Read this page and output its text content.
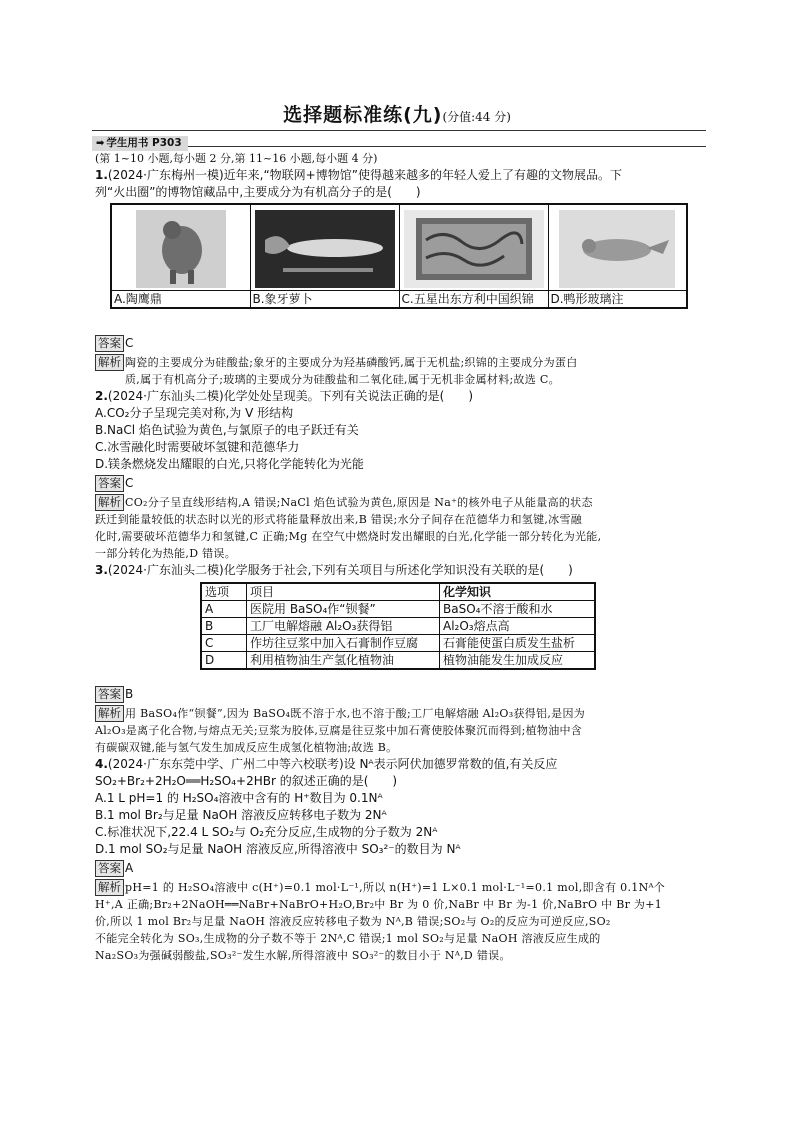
选择题标准练(九)(分值:44 分)
➡ 学生用书 P303
(第 1~10 小题,每小题 2 分,第 11~16 小题,每小题 4 分)
1.(2024·广东梅州一模)近年来,“物联网+博物馆”使得越来越多的年轻人爱上了有趣的文物展品。下
列“火出圈”的博物馆藏品中,主要成分为有机高分子的是(　　)
A.陶鹰鼎	B.象牙萝卜	C.五星出东方利中国织锦	D.鸭形玻璃注
答案 C
解析 陶瓷的主要成分为硅酸盐;象牙的主要成分为羟基磷酸钙,属于无机盐;织锦的主要成分为蛋白
质,属于有机高分子;玻璃的主要成分为硅酸盐和二氧化硅,属于无机非金属材料;故选 C。
2.(2024·广东汕头二模)化学处处呈现美。下列有关说法正确的是(　　)
A.CO₂分子呈现完美对称,为 V 形结构
B.NaCl 焰色试验为黄色,与氯原子的电子跃迁有关
C.冰雪融化时需要破坏氢键和范德华力
D.镁条燃烧发出耀眼的白光,只将化学能转化为光能
答案 C
解析 CO₂分子呈直线形结构,A 错误;NaCl 焰色试验为黄色,原因是 Na⁺的核外电子从能量高的状态
跃迁到能量较低的状态时以光的形式将能量释放出来,B 错误;水分子间存在范德华力和氢键,冰雪融
化时,需要破坏范德华力和氢键,C 正确;Mg 在空气中燃烧时发出耀眼的白光,化学能一部分转化为光能,
一部分转化为热能,D 错误。
3.(2024·广东汕头二模)化学服务于社会,下列有关项目与所述化学知识没有关联的是(　　)
选项	项目	化学知识
A	医院用 BaSO₄作“钡餐”	BaSO₄不溶于酸和水
B	工厂电解熔融 Al₂O₃获得铝	Al₂O₃熔点高
C	作坊往豆浆中加入石膏制作豆腐	石膏能使蛋白质发生盐析
D	利用植物油生产氢化植物油	植物油能发生加成反应
答案 B
解析 用 BaSO₄作“钡餐”,因为 BaSO₄既不溶于水,也不溶于酸;工厂电解熔融 Al₂O₃获得铝,是因为
Al₂O₃是离子化合物,与熔点无关;豆浆为胶体,豆腐是往豆浆中加石膏使胶体聚沉而得到;植物油中含
有碳碳双键,能与氢气发生加成反应生成氢化植物油;故选 B。
4.(2024·广东东莞中学、广州二中等六校联考)设 Nᴬ表示阿伏加德罗常数的值,有关反应
SO₂+Br₂+2H₂O══H₂SO₄+2HBr 的叙述正确的是(　　)
A.1 L pH=1 的 H₂SO₄溶液中含有的 H⁺数目为 0.1Nᴬ
B.1 mol Br₂与足量 NaOH 溶液反应转移电子数为 2Nᴬ
C.标准状况下,22.4 L SO₂与 O₂充分反应,生成物的分子数为 2Nᴬ
D.1 mol SO₂与足量 NaOH 溶液反应,所得溶液中 SO₃²⁻的数目为 Nᴬ
答案 A
解析 pH=1 的 H₂SO₄溶液中 c(H⁺)=0.1 mol·L⁻¹,所以 n(H⁺)=1 L×0.1 mol·L⁻¹=0.1 mol,即含有 0.1Nᴬ个
H⁺,A 正确;Br₂+2NaOH══NaBr+NaBrO+H₂O,Br₂中 Br 为 0 价,NaBr 中 Br 为-1 价,NaBrO 中 Br 为+1
价,所以 1 mol Br₂与足量 NaOH 溶液反应转移电子数为 Nᴬ,B 错误;SO₂与 O₂的反应为可逆反应,SO₂
不能完全转化为 SO₃,生成物的分子数不等于 2Nᴬ,C 错误;1 mol SO₂与足量 NaOH 溶液反应生成的
Na₂SO₃为强碱弱酸盐,SO₃²⁻发生水解,所得溶液中 SO₃²⁻的数目小于 Nᴬ,D 错误。
